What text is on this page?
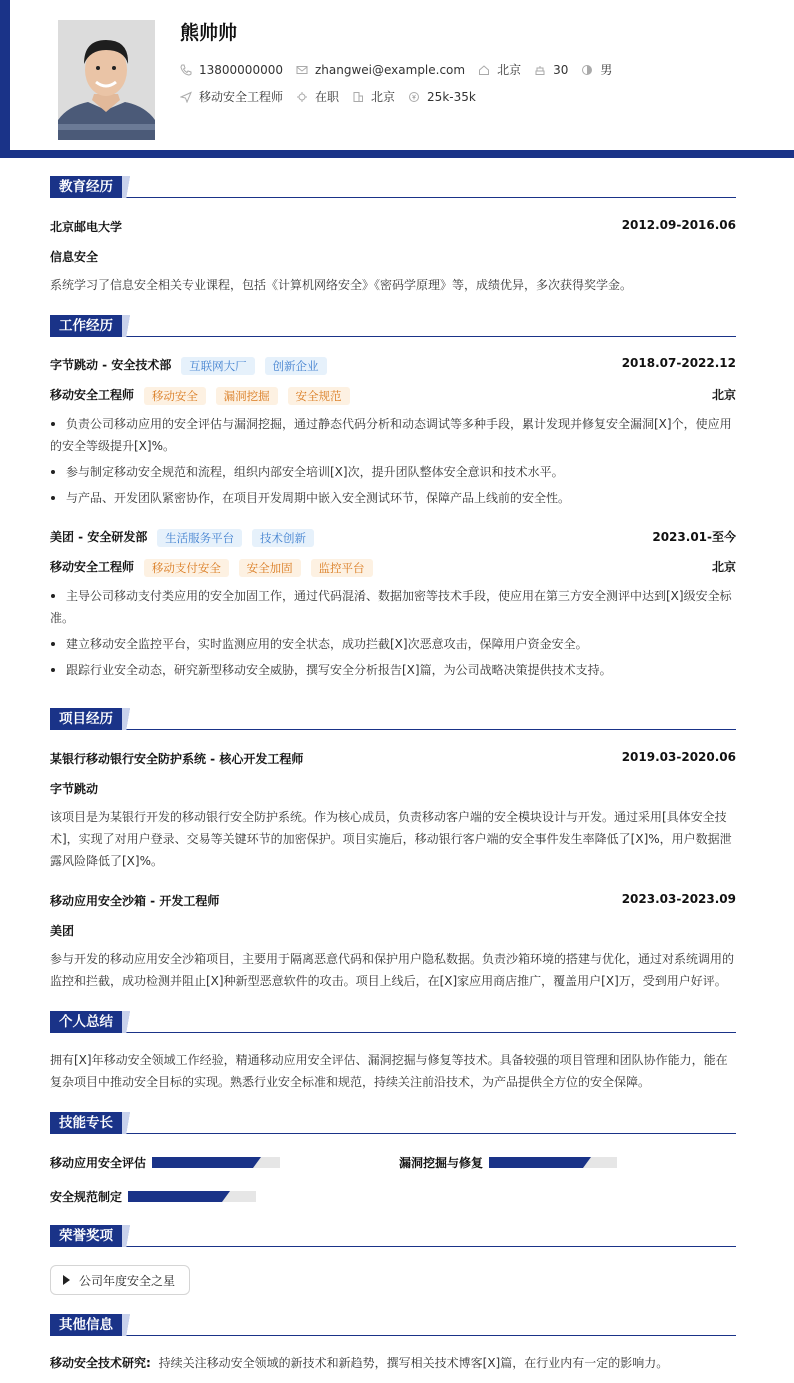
熊帅帅
13800000000	zhangwei@example.com	北京	30	男
移动安全工程师	在职	北京	25k-35k
教育经历
北京邮电大学	2012.09-2016.06
信息安全
系统学习了信息安全相关专业课程，包括《计算机网络安全》《密码学原理》等，成绩优异，多次获得奖学金。
工作经历
字节跳动 - 安全技术部 互联网大厂 创新企业	2018.07-2022.12
移动安全工程师 移动安全 漏洞挖掘 安全规范	北京
负责公司移动应用的安全评估与漏洞挖掘，通过静态代码分析和动态调试等多种手段，累计发现并修复安全漏洞[X]个，使应用
的安全等级提升[X]%。
参与制定移动安全规范和流程，组织内部安全培训[X]次，提升团队整体安全意识和技术水平。
与产品、开发团队紧密协作，在项目开发周期中嵌入安全测试环节，保障产品上线前的安全性。
美团 - 安全研发部 生活服务平台 技术创新	2023.01-至今
移动安全工程师 移动支付安全 安全加固 监控平台	北京
主导公司移动支付类应用的安全加固工作，通过代码混淆、数据加密等技术手段，使应用在第三方安全测评中达到[X]级安全标
准。
建立移动安全监控平台，实时监测应用的安全状态，成功拦截[X]次恶意攻击，保障用户资金安全。
跟踪行业安全动态，研究新型移动安全威胁，撰写安全分析报告[X]篇，为公司战略决策提供技术支持。
项目经历
某银行移动银行安全防护系统 - 核心开发工程师	2019.03-2020.06
字节跳动
该项目是为某银行开发的移动银行安全防护系统。作为核心成员，负责移动客户端的安全模块设计与开发。通过采用[具体安全技
术]，实现了对用户登录、交易等关键环节的加密保护。项目实施后，移动银行客户端的安全事件发生率降低了[X]%，用户数据泄
露风险降低了[X]%。
移动应用安全沙箱 - 开发工程师	2023.03-2023.09
美团
参与开发的移动应用安全沙箱项目，主要用于隔离恶意代码和保护用户隐私数据。负责沙箱环境的搭建与优化，通过对系统调用的
监控和拦截，成功检测并阻止[X]种新型恶意软件的攻击。项目上线后，在[X]家应用商店推广，覆盖用户[X]万，受到用户好评。
个人总结
拥有[X]年移动安全领域工作经验，精通移动应用安全评估、漏洞挖掘与修复等技术。具备较强的项目管理和团队协作能力，能在
复杂项目中推动安全目标的实现。熟悉行业安全标准和规范，持续关注前沿技术，为产品提供全方位的安全保障。
技能专长
移动应用安全评估	漏洞挖掘与修复
安全规范制定
荣誉奖项
公司年度安全之星
其他信息
移动安全技术研究: 持续关注移动安全领域的新技术和新趋势，撰写相关技术博客[X]篇，在行业内有一定的影响力。
